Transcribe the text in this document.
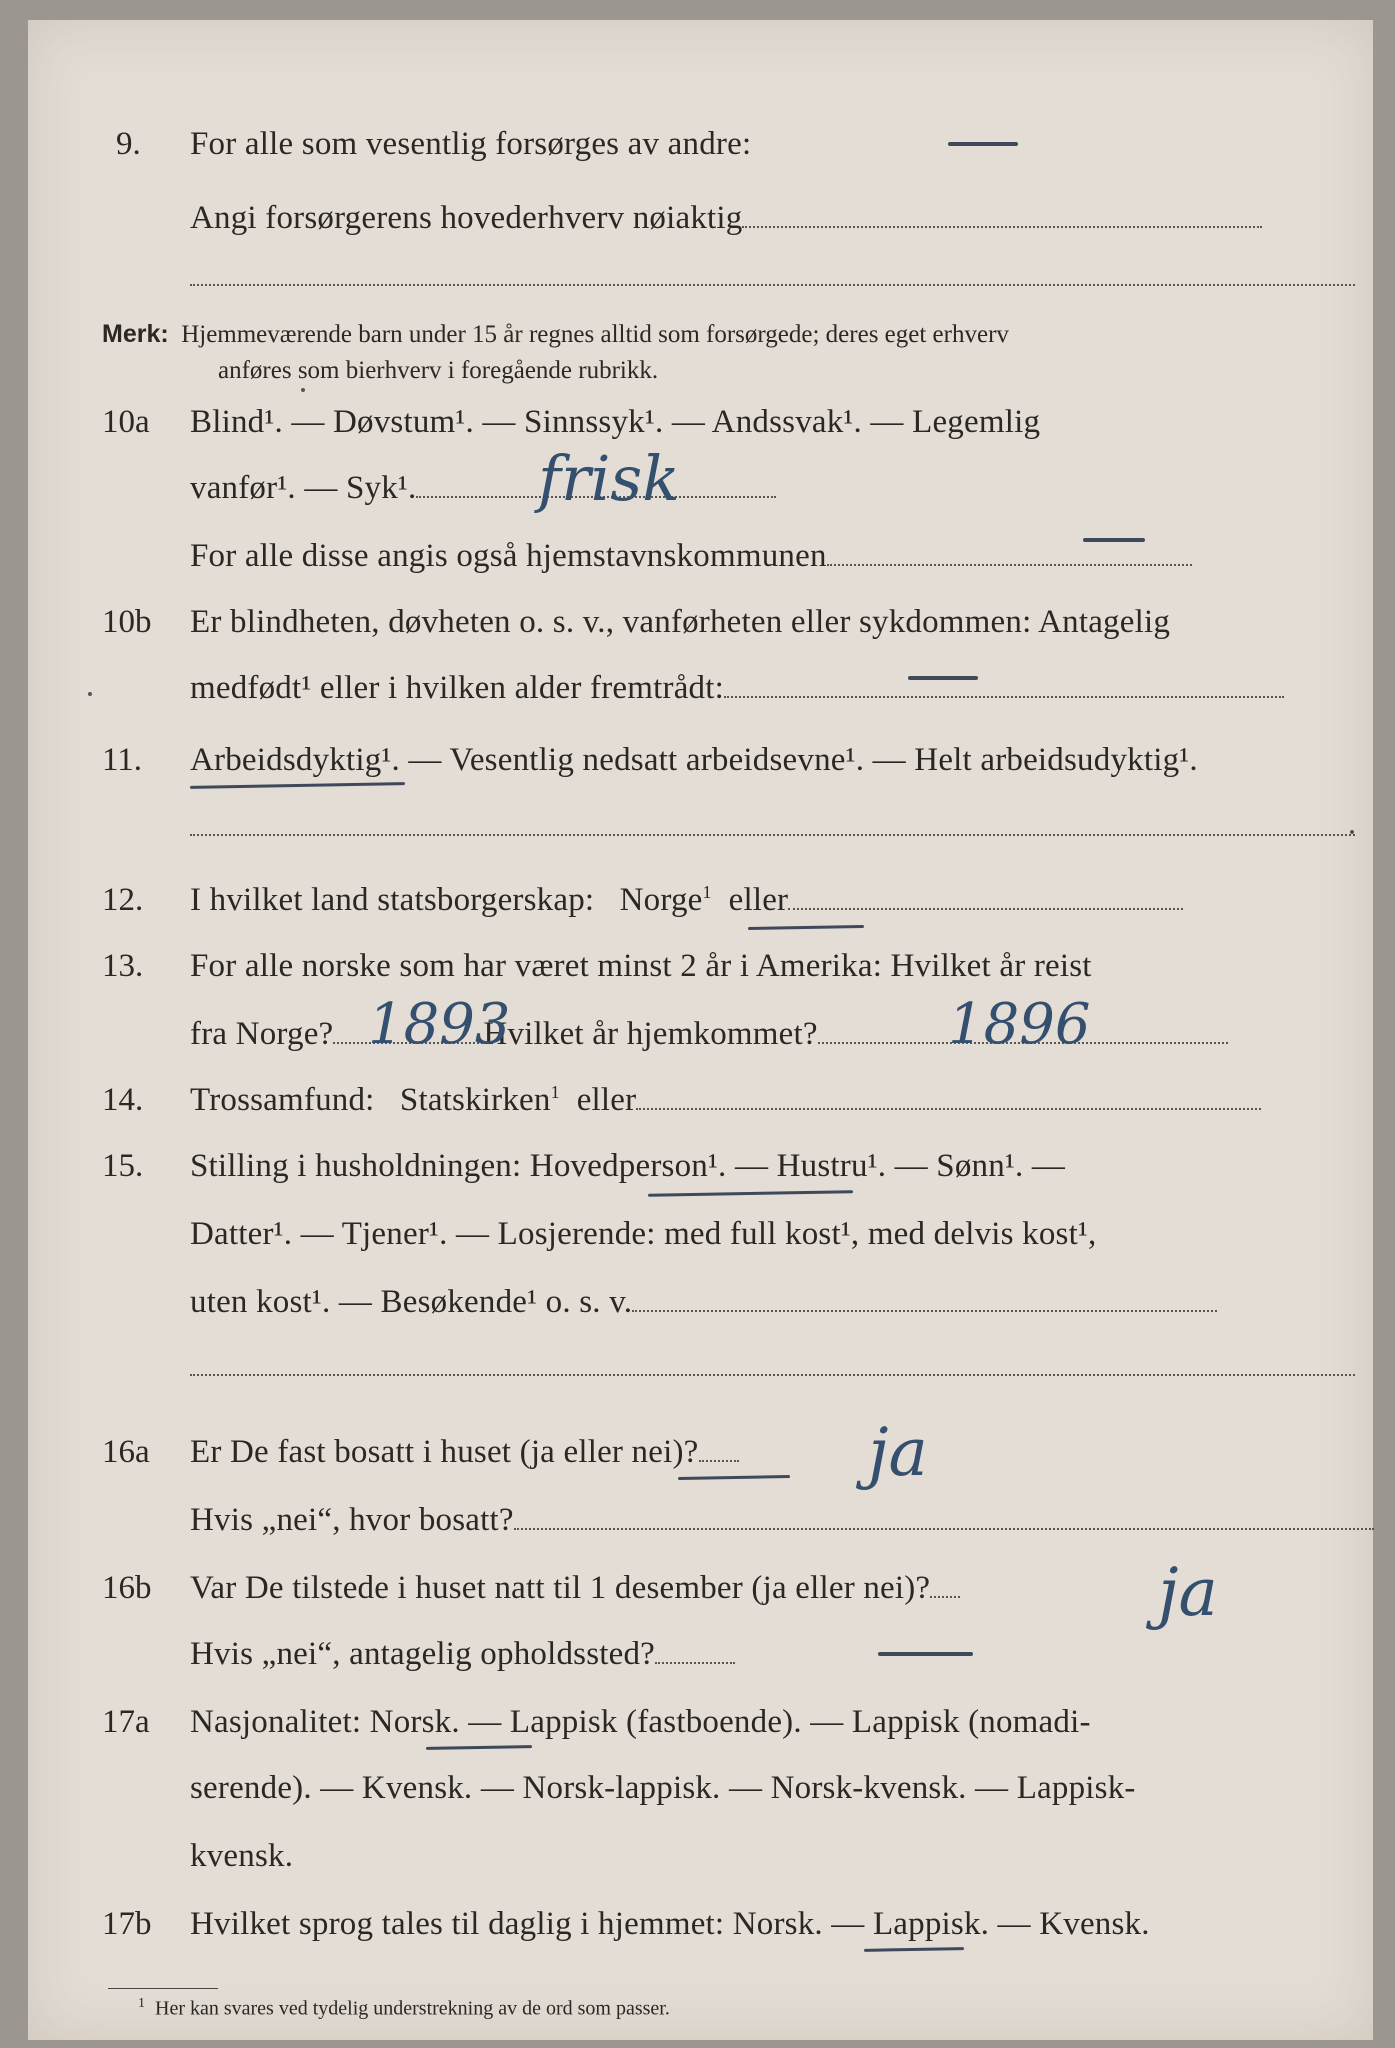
9. For alle som vesentlig forsørges av andre:
Angi forsørgerens hovederhverv nøiaktig
Merk: Hjemmeværende barn under 15 år regnes alltid som forsørgede; deres eget erhverv
anføres som bierhverv i foregående rubrikk.
10a Blind¹. — Døvstum¹. — Sinnssyk¹. — Andssvak¹. — Legemlig
vanfør¹. — Syk¹.	frisk
For alle disse angis også hjemstavnskommunen
10b Er blindheten, døvheten o. s. v., vanførheten eller sykdommen: Antagelig
medfødt¹ eller i hvilken alder fremtrådt:
11. Arbeidsdyktig¹. — Vesentlig nedsatt arbeidsevne¹. — Helt arbeidsudyktig¹.
12. I hvilket land statsborgerskap: Norge$^1$ eller
13. For alle norske som har været minst 2 år i Amerika: Hvilket år reist
fra Norge?	Hvilket år hjemkommet?
1893	1896
14. Trossamfund: Statskirken$^1$ eller
15. Stilling i husholdningen: Hovedperson¹. — Hustru¹. — Sønn¹. —
Datter¹. — Tjener¹. — Losjerende: med full kost¹, med delvis kost¹,
uten kost¹. — Besøkende¹ o. s. v.
16a Er De fast bosatt i huset (ja eller nei)?	ja
Hvis „nei“, hvor bosatt?
16b Var De tilstede i huset natt til 1 desember (ja eller nei)?	ja
Hvis „nei“, antagelig opholdssted?
17a Nasjonalitet: Norsk. — Lappisk (fastboende). — Lappisk (nomadi-
serende). — Kvensk. — Norsk-lappisk. — Norsk-kvensk. — Lappisk-
kvensk.
17b Hvilket sprog tales til daglig i hjemmet: Norsk. — Lappisk. — Kvensk.
$^1$ Her kan svares ved tydelig understrekning av de ord som passer.
